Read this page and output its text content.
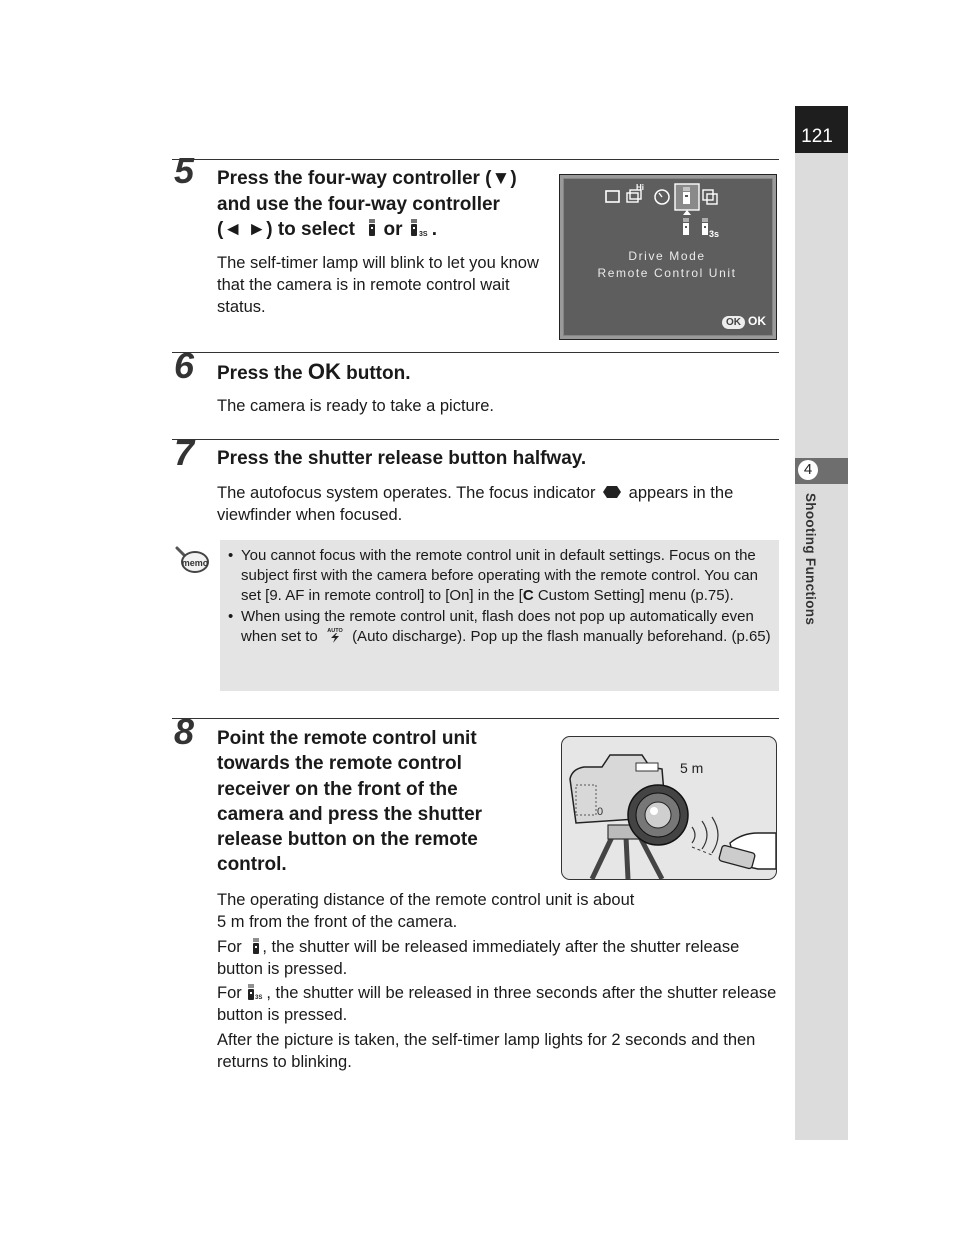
121
4
Shooting Functions
5 Press the four-way controller (▼)
and use the four-way controller
(◄ ►) to select or 3S .
The self-timer lamp will blink to let you know that the camera is in remote control wait status.
Hi
3s
Drive Mode
Remote Control Unit
OK OK
6 Press the OK button.
The camera is ready to take a picture.
7 Press the shutter release button halfway.
The autofocus system operates. The focus indicator appears in the viewfinder when focused.
memo
•	You cannot focus with the remote control unit in default settings. Focus on the subject first with the camera before operating with the remote control. You can set [9. AF in remote control] to [On] in the [C Custom Setting] menu (p.75).
• When using the remote control unit, flash does not pop up automatically even when set to AUTO (Auto discharge). Pop up the flash manually beforehand. (p.65)
8 Point the remote control unit
towards the remote control
receiver on the front of the
camera and press the shutter
release button on the remote
control.
0
5 m
The operating distance of the remote control unit is about 5 m from the front of the camera.
For , the shutter will be released immediately after the shutter release button is pressed.
For 3S , the shutter will be released in three seconds after the shutter release button is pressed.
After the picture is taken, the self-timer lamp lights for 2 seconds and then returns to blinking.
